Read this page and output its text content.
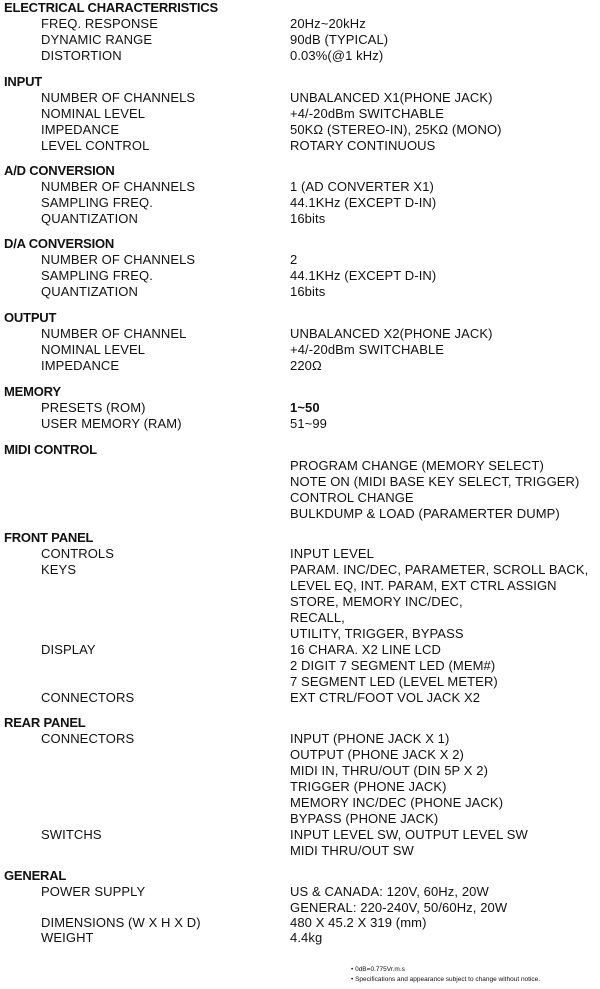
ELECTRICAL CHARACTERRISTICS
FREQ. RESPONSE	20Hz~20kHz
DYNAMIC RANGE	90dB (TYPICAL)
DISTORTION	0.03%(@1 kHz)
INPUT
NUMBER OF CHANNELS	UNBALANCED X1(PHONE JACK)
NOMINAL LEVEL	+4/-20dBm SWITCHABLE
IMPEDANCE	50KΩ (STEREO-IN), 25KΩ (MONO)
LEVEL CONTROL	ROTARY CONTINUOUS
A/D CONVERSION
NUMBER OF CHANNELS	1 (AD CONVERTER X1)
SAMPLING FREQ.	44.1KHz (EXCEPT D-IN)
QUANTIZATION	16bits
D/A CONVERSION
NUMBER OF CHANNELS	2
SAMPLING FREQ.	44.1KHz (EXCEPT D-IN)
QUANTIZATION	16bits
OUTPUT
NUMBER OF CHANNEL	UNBALANCED X2(PHONE JACK)
NOMINAL LEVEL	+4/-20dBm SWITCHABLE
IMPEDANCE	220Ω
MEMORY
PRESETS (ROM)	1~50
USER MEMORY (RAM)	51~99
MIDI CONTROL
PROGRAM CHANGE (MEMORY SELECT)
NOTE ON (MIDI BASE KEY SELECT, TRIGGER)
CONTROL CHANGE
BULKDUMP & LOAD (PARAMERTER DUMP)
FRONT PANEL
CONTROLS	INPUT LEVEL
KEYS	PARAM. INC/DEC, PARAMETER, SCROLL BACK,
LEVEL EQ, INT. PARAM, EXT CTRL ASSIGN
STORE, MEMORY INC/DEC,
RECALL,
UTILITY, TRIGGER, BYPASS
DISPLAY	16 CHARA. X2 LINE LCD
2 DIGIT 7 SEGMENT LED (MEM#)
7 SEGMENT LED (LEVEL METER)
CONNECTORS	EXT CTRL/FOOT VOL JACK X2
REAR PANEL
CONNECTORS	INPUT (PHONE JACK X 1)
OUTPUT (PHONE JACK X 2)
MIDI IN, THRU/OUT (DIN 5P X 2)
TRIGGER (PHONE JACK)
MEMORY INC/DEC (PHONE JACK)
BYPASS (PHONE JACK)
SWITCHS	INPUT LEVEL SW, OUTPUT LEVEL SW
MIDI THRU/OUT SW
GENERAL
POWER SUPPLY	US & CANADA: 120V, 60Hz, 20W
GENERAL: 220-240V, 50/60Hz, 20W
DIMENSIONS (W X H X D)	480 X 45.2 X 319 (mm)
WEIGHT	4.4kg
• 0dB=0.775Vr.m.s
• Specifications and appearance subject to change without notice.
